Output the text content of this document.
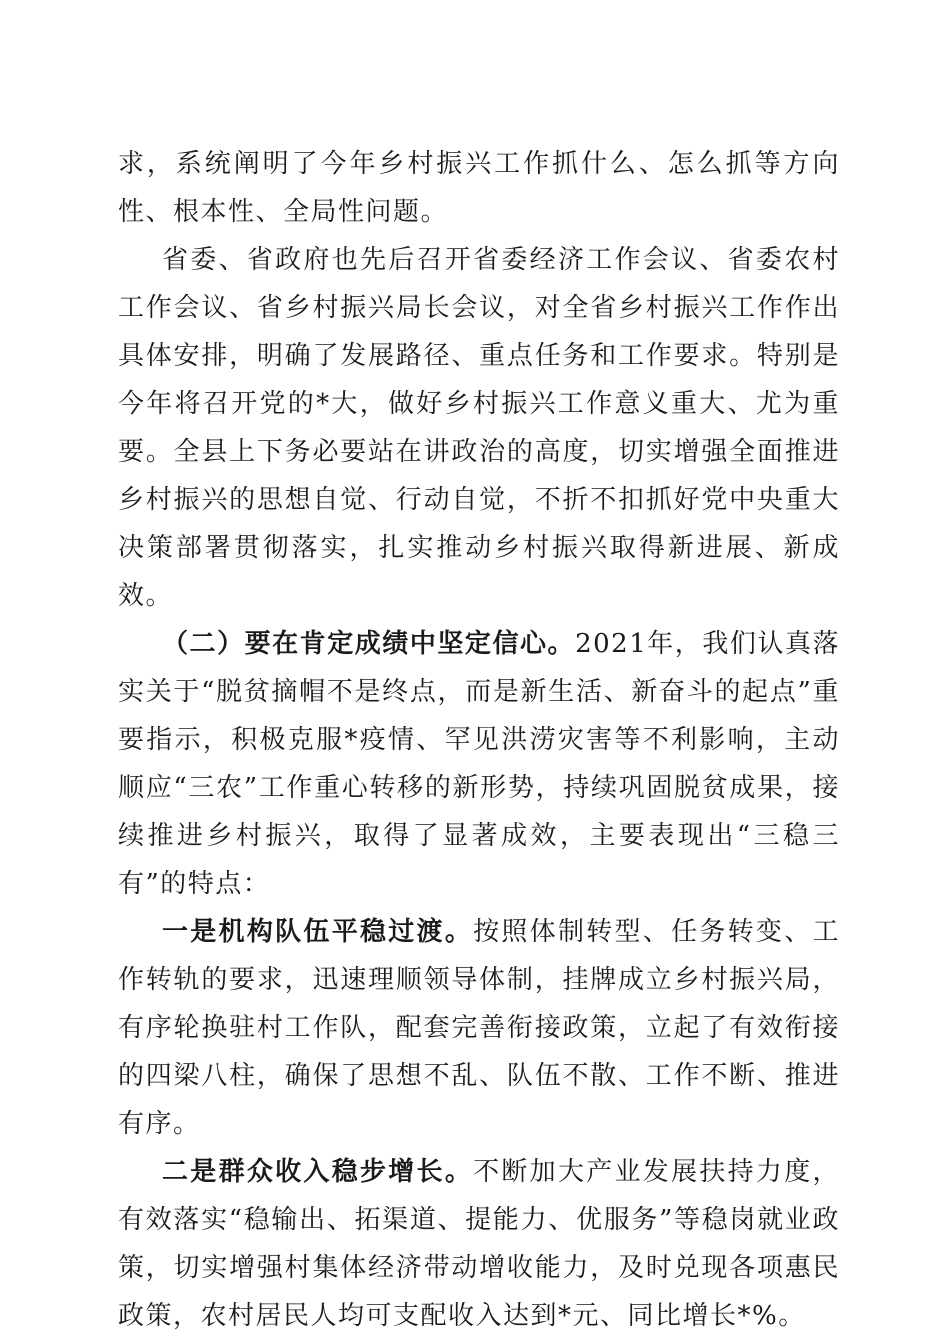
求，系统阐明了今年乡村振兴工作抓什么、怎么抓等方向性、根本性、全局性问题。

省委、省政府也先后召开省委经济工作会议、省委农村工作会议、省乡村振兴局长会议，对全省乡村振兴工作作出具体安排，明确了发展路径、重点任务和工作要求。特别是今年将召开党的*大，做好乡村振兴工作意义重大、尤为重要。全县上下务必要站在讲政治的高度，切实增强全面推进乡村振兴的思想自觉、行动自觉，不折不扣抓好党中央重大决策部署贯彻落实，扎实推动乡村振兴取得新进展、新成效。

（二）要在肯定成绩中坚定信心。2021年，我们认真落实关于“脱贫摘帽不是终点，而是新生活、新奋斗的起点”重要指示，积极克服*疫情、罕见洪涝灾害等不利影响，主动顺应“三农”工作重心转移的新形势，持续巩固脱贫成果，接续推进乡村振兴，取得了显著成效，主要表现出“三稳三有”的特点：

一是机构队伍平稳过渡。按照体制转型、任务转变、工作转轨的要求，迅速理顺领导体制，挂牌成立乡村振兴局，有序轮换驻村工作队，配套完善衔接政策，立起了有效衔接的四梁八柱，确保了思想不乱、队伍不散、工作不断、推进有序。

二是群众收入稳步增长。不断加大产业发展扶持力度，有效落实“稳输出、拓渠道、提能力、优服务”等稳岗就业政策，切实增强村集体经济带动增收能力，及时兑现各项惠民政策，农村居民人均可支配收入达到*元、同比增长*%。
